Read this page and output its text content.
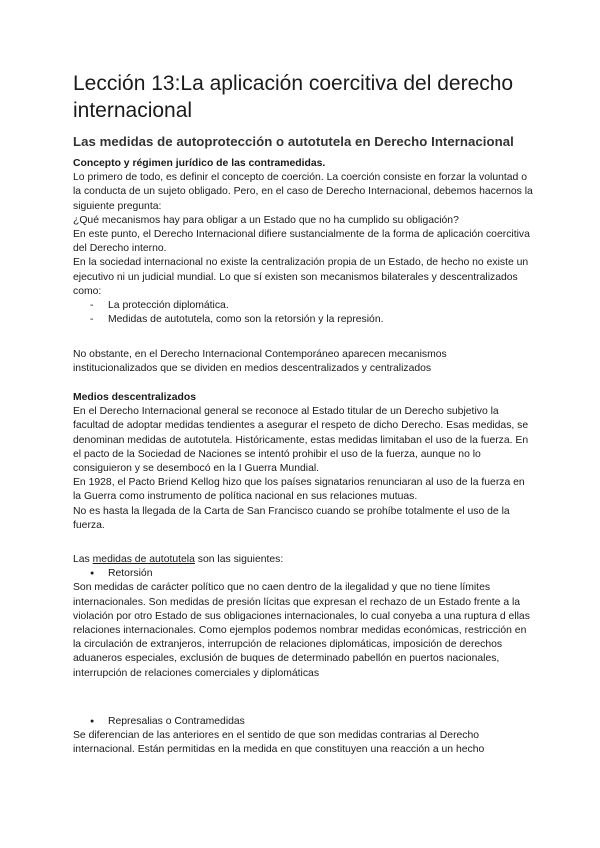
Lección 13:La aplicación coercitiva del derecho internacional
Las medidas de autoprotección o autotutela en Derecho Internacional

Concepto y régimen jurídico de las contramedidas.

Lo primero de todo, es definir el concepto de coerción. La coerción consiste en forzar la voluntad o la conducta de un sujeto obligado. Pero, en el caso de Derecho Internacional, debemos hacernos la siguiente pregunta:

¿Qué mecanismos hay para obligar a un Estado que no ha cumplido su obligación?

En este punto, el Derecho Internacional difiere sustancialmente de la forma de aplicación coercitiva del Derecho interno.

En la sociedad internacional no existe la centralización propia de un Estado, de hecho no existe un ejecutivo ni un judicial mundial. Lo que sí existen son mecanismos bilaterales y descentralizados como:

- La protección diplomática.
- Medidas de autotutela, como son la retorsión y la represión.

No obstante, en el Derecho Internacional Contemporáneo aparecen mecanismos institucionalizados que se dividen en medios descentralizados y centralizados

Medios descentralizados

En el Derecho Internacional general se reconoce al Estado titular de un Derecho subjetivo la facultad de adoptar medidas tendientes a asegurar el respeto de dicho Derecho. Esas medidas, se denominan medidas de autotutela. Históricamente, estas medidas limitaban el uso de la fuerza. En el pacto de la Sociedad de Naciones se intentó prohibir el uso de la fuerza, aunque no lo consiguieron y se desembocó en la I Guerra Mundial.

En 1928, el Pacto Briend Kellog hizo que los países signatarios renunciaran al uso de la fuerza en la Guerra como instrumento de política nacional en sus relaciones mutuas.

No es hasta la llegada de la Carta de San Francisco cuando se prohíbe totalmente el uso de la fuerza.

Las medidas de autotutela son las siguientes:

● Retorsión

Son medidas de carácter político que no caen dentro de la ilegalidad y que no tiene límites internacionales. Son medidas de presión lícitas que expresan el rechazo de un Estado frente a la violación por otro Estado de sus obligaciones internacionales, lo cual conyeba a una ruptura d ellas relaciones internacionales. Como ejemplos podemos nombrar medidas económicas, restricción en la circulación de extranjeros, interrupción de relaciones diplomáticas, imposición de derechos aduaneros especiales, exclusión de buques de determinado pabellón en puertos nacionales, interrupción de relaciones comerciales y diplomáticas

● Represalias o Contramedidas

Se diferencian de las anteriores en el sentido de que son medidas contrarias al Derecho internacional. Están permitidas en la medida en que constituyen una reacción a un hecho
